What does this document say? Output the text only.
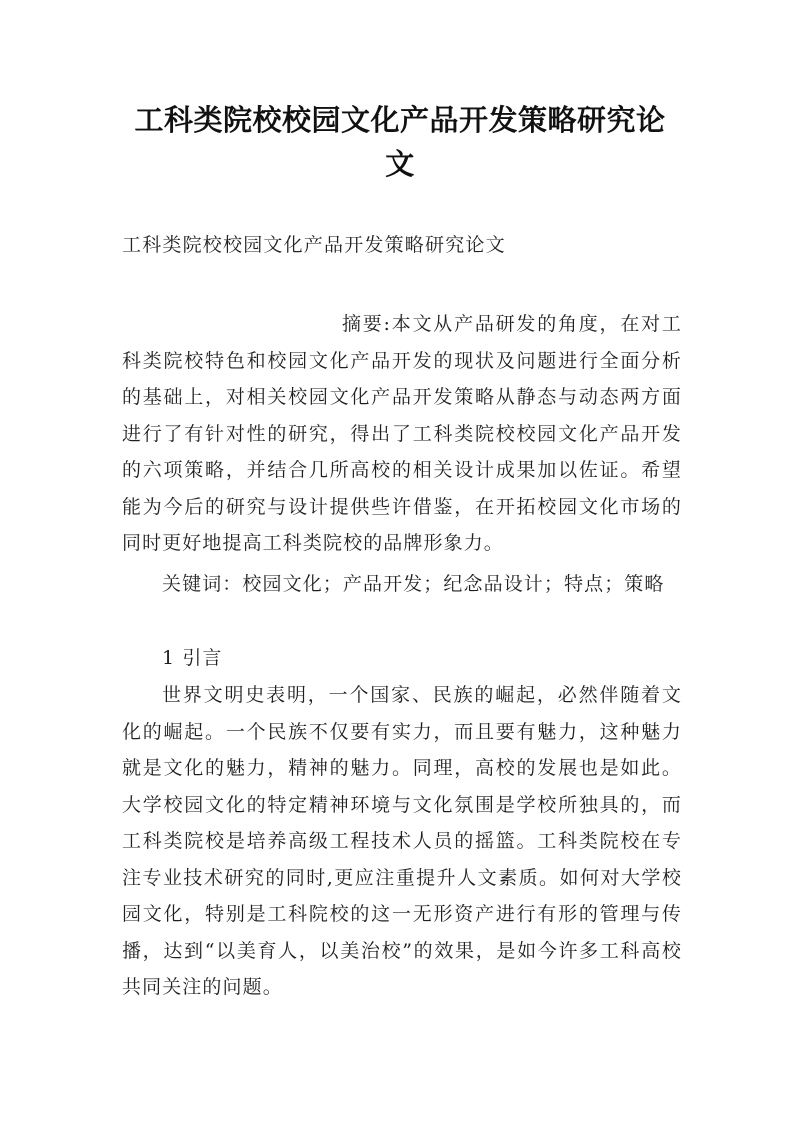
工科类院校校园文化产品开发策略研究论文
工科类院校校园文化产品开发策略研究论文

摘要:本文从产品研发的角度，在对工科类院校特色和校园文化产品开发的现状及问题进行全面分析的基础上，对相关校园文化产品开发策略从静态与动态两方面进行了有针对性的研究，得出了工科类院校校园文化产品开发的六项策略，并结合几所高校的相关设计成果加以佐证。希望能为今后的研究与设计提供些许借鉴，在开拓校园文化市场的同时更好地提高工科类院校的品牌形象力。

关键词：校园文化；产品开发；纪念品设计；特点；策略

1 引言

世界文明史表明，一个国家、民族的崛起，必然伴随着文化的崛起。一个民族不仅要有实力，而且要有魅力，这种魅力就是文化的魅力，精神的魅力。同理，高校的发展也是如此。大学校园文化的特定精神环境与文化氛围是学校所独具的，而工科类院校是培养高级工程技术人员的摇篮。工科类院校在专注专业技术研究的同时,更应注重提升人文素质。如何对大学校园文化，特别是工科院校的这一无形资产进行有形的管理与传播，达到“以美育人，以美治校”的效果，是如今许多工科高校共同关注的问题。
